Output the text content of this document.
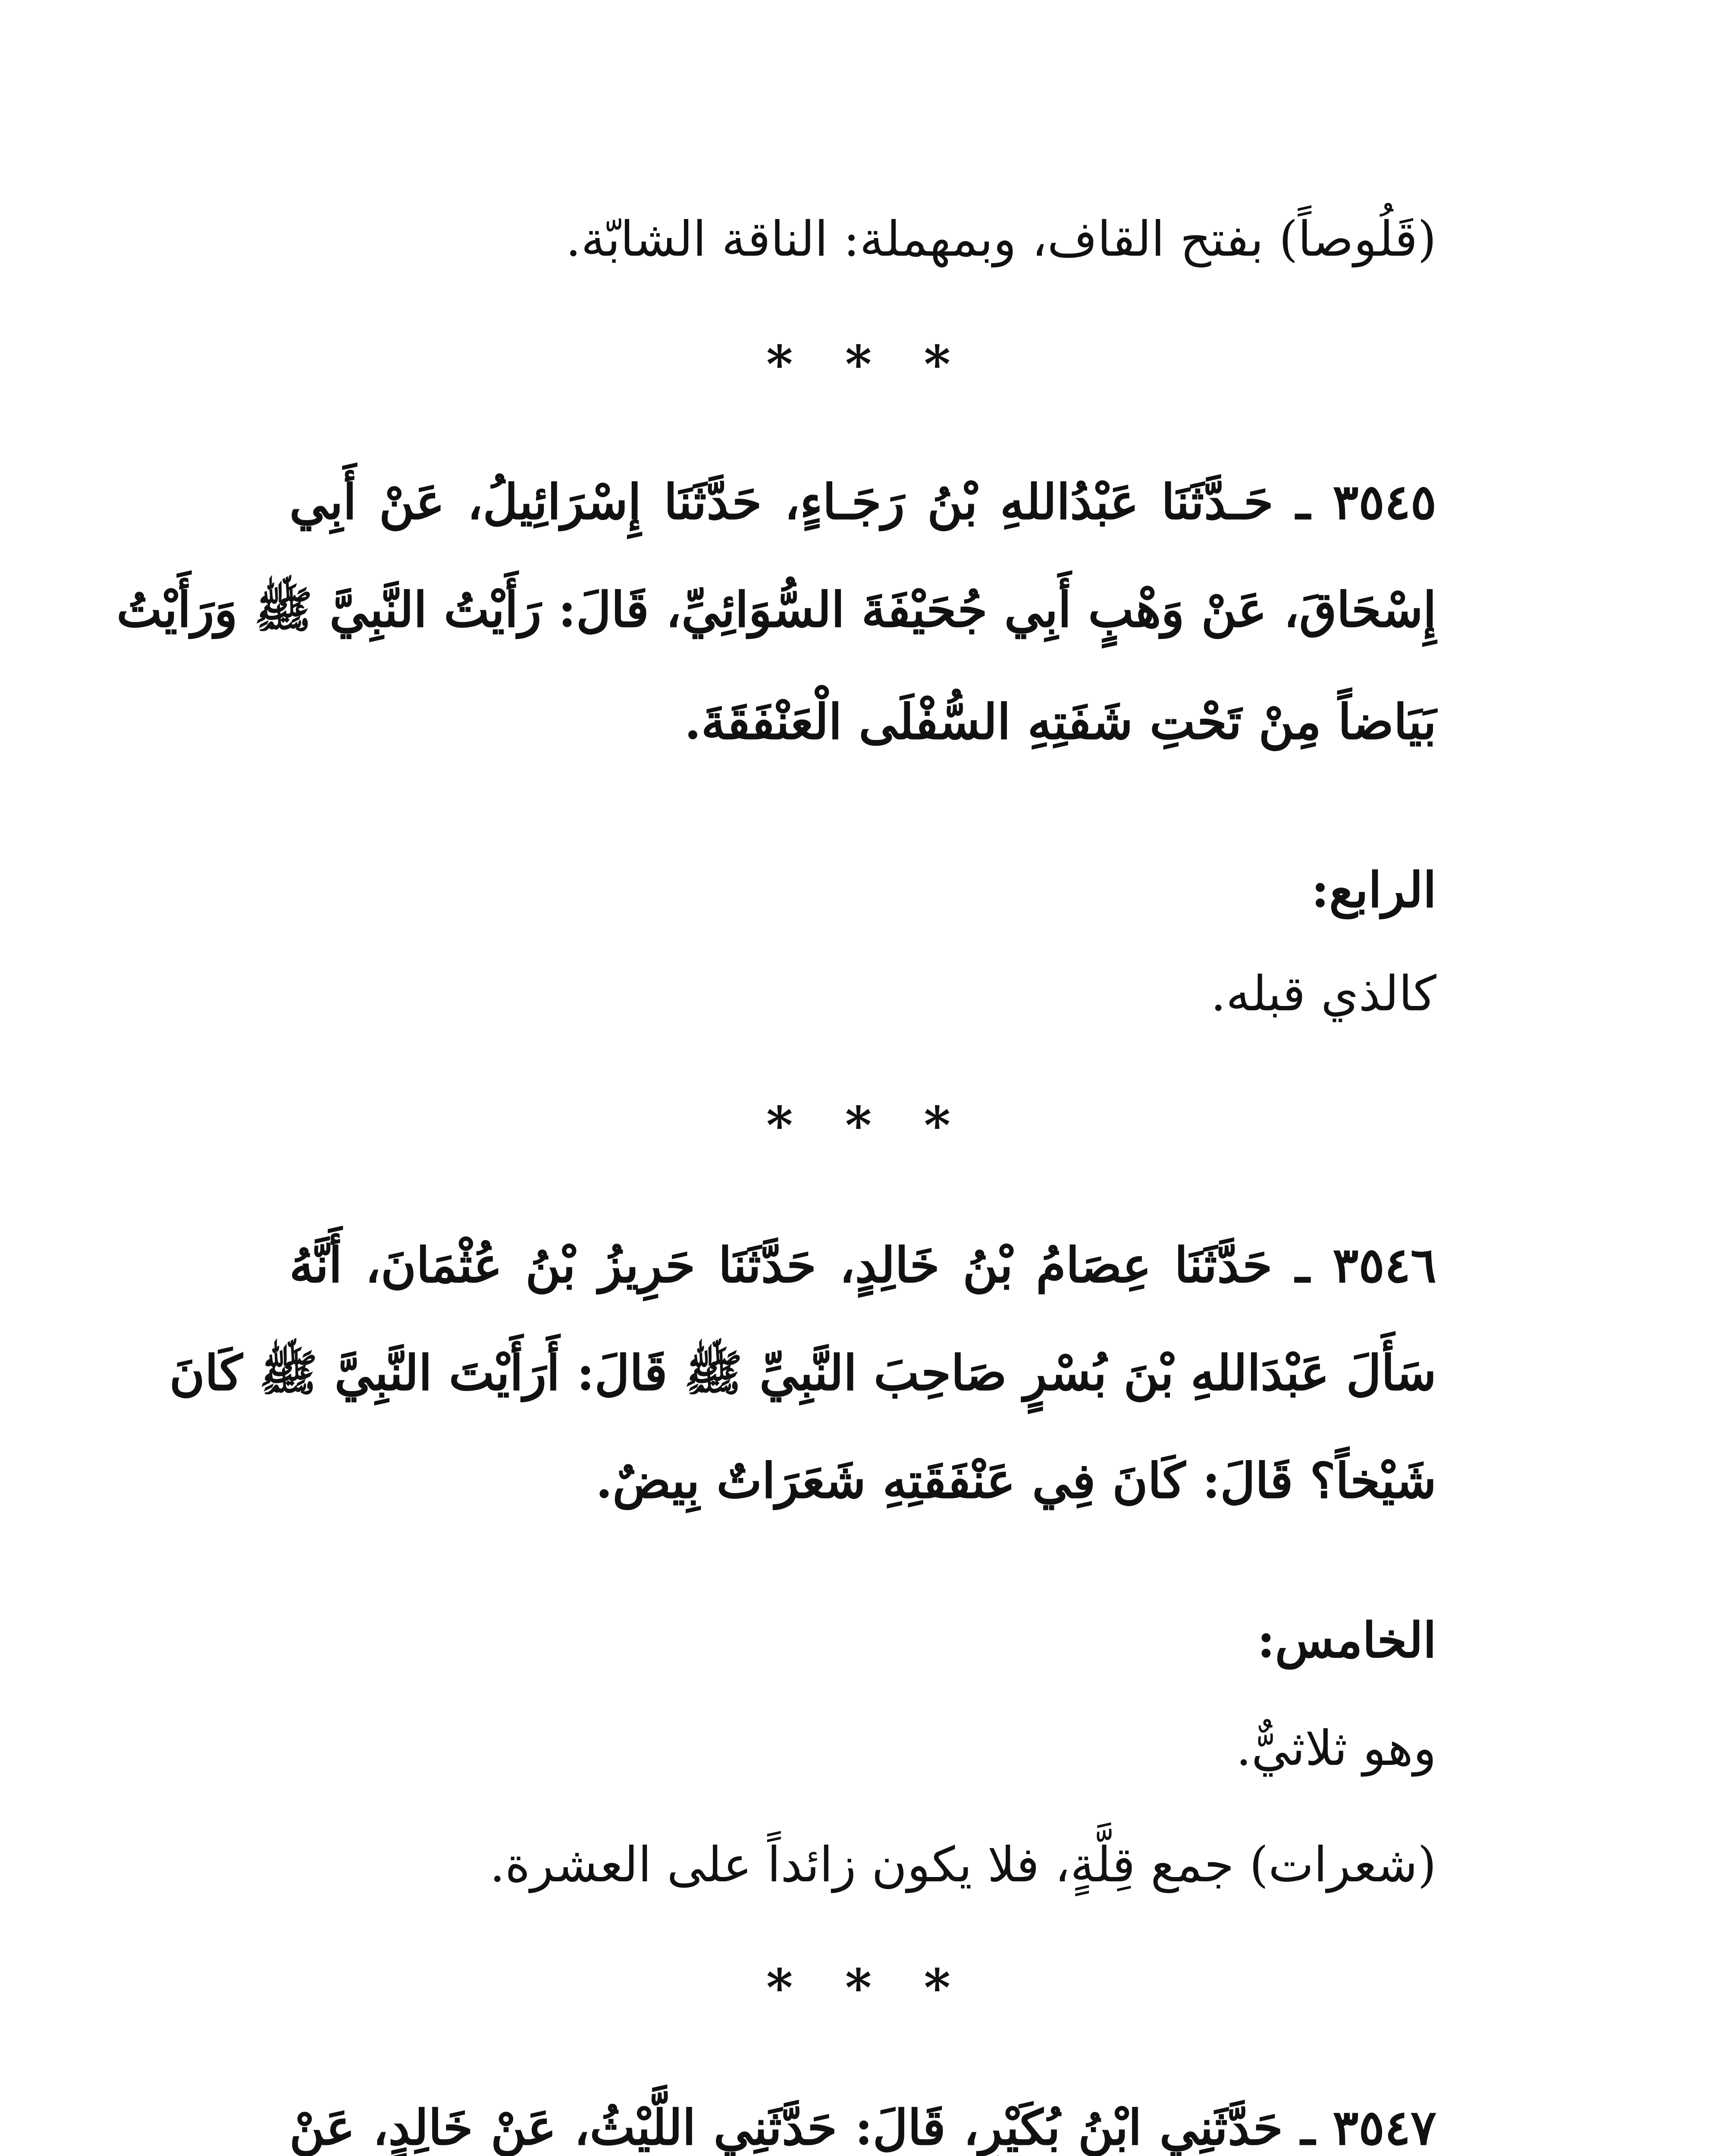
(قَلُوصاً) بفتح القاف، وبمهملة: الناقة الشابّة.
* * *
٣٥٤٥ ـ حَـدَّثَنَا عَبْدُاللهِ بْنُ رَجَـاءٍ، حَدَّثَنَا إِسْرَائِيلُ، عَنْ أَبِي
إِسْحَاقَ، عَنْ وَهْبٍ أَبِي جُحَيْفَةَ السُّوَائِيِّ، قَالَ: رَأَيْتُ النَّبِيَّ ﷺ وَرَأَيْتُ
بَيَاضاً مِنْ تَحْتِ شَفَتِهِ السُّفْلَى الْعَنْفَقَةَ.
الرابع:
كالذي قبله.
* * *
٣٥٤٦ ـ حَدَّثَنَا عِصَامُ بْنُ خَالِدٍ، حَدَّثَنَا حَرِيزُ بْنُ عُثْمَانَ، أَنَّهُ
سَأَلَ عَبْدَاللهِ بْنَ بُسْرٍ صَاحِبَ النَّبِيِّ ﷺ قَالَ: أَرَأَيْتَ النَّبِيَّ ﷺ كَانَ
شَيْخاً؟ قَالَ: كَانَ فِي عَنْفَقَتِهِ شَعَرَاتٌ بِيضٌ.
الخامس:
وهو ثلاثيٌّ.
(شعرات) جمع قِلَّةٍ، فلا يكون زائداً على العشرة.
* * *
٣٥٤٧ ـ حَدَّثَنِي ابْنُ بُكَيْرٍ، قَالَ: حَدَّثَنِي اللَّيْثُ، عَنْ خَالِدٍ، عَنْ
